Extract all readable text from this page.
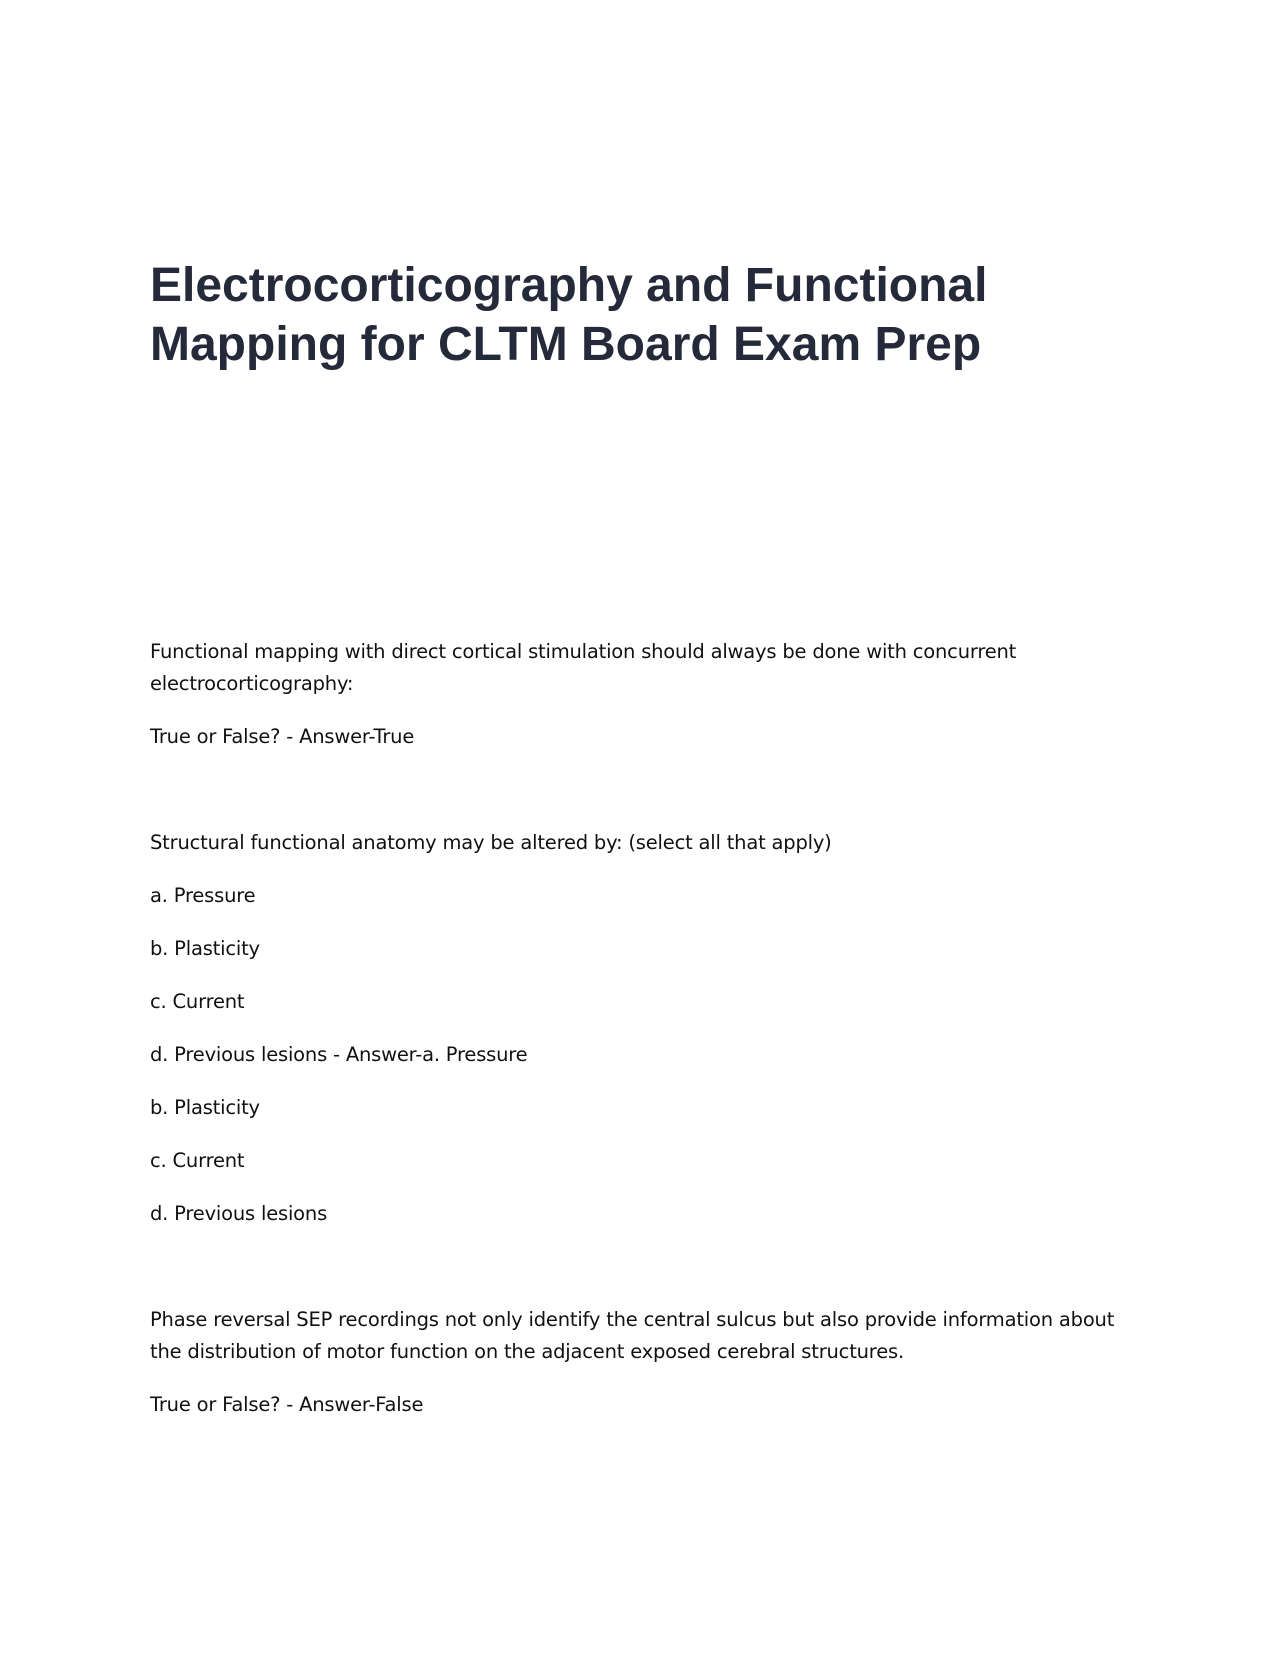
Electrocorticography and Functional Mapping for CLTM Board Exam Prep

Functional mapping with direct cortical stimulation should always be done with concurrent electrocorticography:

True or False? - Answer-True

Structural functional anatomy may be altered by: (select all that apply)

a. Pressure

b. Plasticity

c. Current

d. Previous lesions - Answer-a. Pressure

b. Plasticity

c. Current

d. Previous lesions

Phase reversal SEP recordings not only identify the central sulcus but also provide information about the distribution of motor function on the adjacent exposed cerebral structures.

True or False? - Answer-False
